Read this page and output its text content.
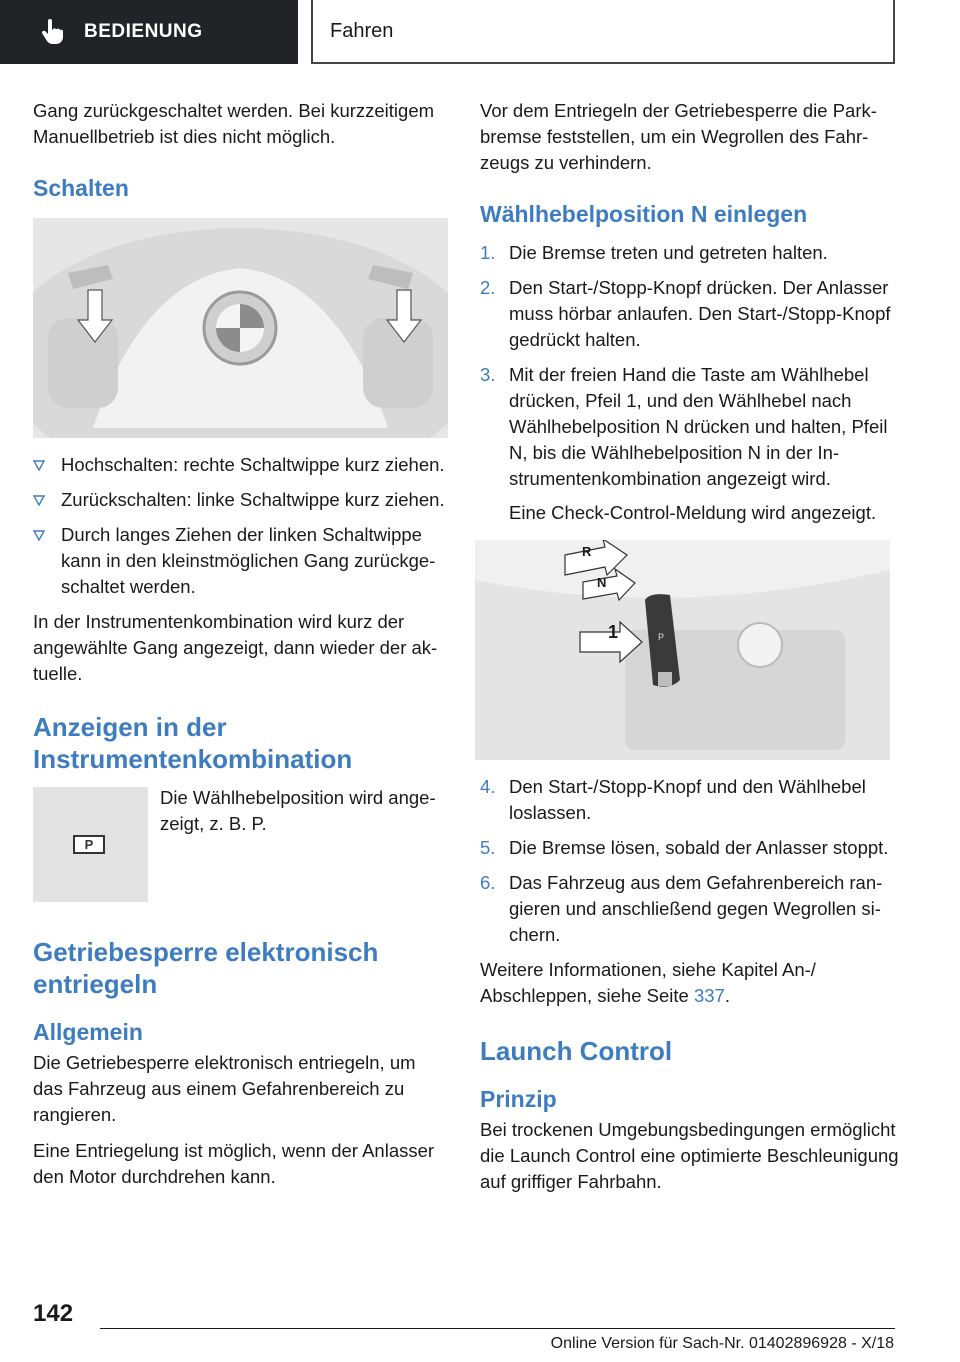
BEDIENUNG	Fahren

Gang zurückgeschaltet werden. Bei kurzzeitigem Manuellbetrieb ist dies nicht möglich.

Schalten
Hochschalten: rechte Schaltwippe kurz ziehen.
Zurückschalten: linke Schaltwippe kurz ziehen.
Durch langes Ziehen der linken Schaltwippe kann in den kleinstmöglichen Gang zurückgeschaltet werden.

In der Instrumentenkombination wird kurz der angewählte Gang angezeigt, dann wieder der aktuelle.

Anzeigen in der Instrumentenkombination
P

Die Wählhebelposition wird angezeigt, z. B. P.

Getriebesperre elektronisch entriegeln
Allgemein

Die Getriebesperre elektronisch entriegeln, um das Fahrzeug aus einem Gefahrenbereich zu rangieren.

Eine Entriegelung ist möglich, wenn der Anlasser den Motor durchdrehen kann.

Vor dem Entriegeln der Getriebesperre die Parkbremse feststellen, um ein Wegrollen des Fahrzeugs zu verhindern.

Wählhebelposition N einlegen
1. Die Bremse treten und getreten halten.
2. Den Start-/Stopp-Knopf drücken. Der Anlasser muss hörbar anlaufen. Den Start-/Stopp-Knopf gedrückt halten.
3. Mit der freien Hand die Taste am Wählhebel drücken, Pfeil 1, und den Wählhebel nach Wählhebelposition N drücken und halten, Pfeil N, bis die Wählhebelposition N in der Instrumentenkombination angezeigt wird.
Eine Check-Control-Meldung wird angezeigt.
R
N
1	P
4. Den Start-/Stopp-Knopf und den Wählhebel loslassen.
5. Die Bremse lösen, sobald der Anlasser stoppt.
6. Das Fahrzeug aus dem Gefahrenbereich rangieren und anschließend gegen Wegrollen sichern.

Weitere Informationen, siehe Kapitel An-/ Abschleppen, siehe Seite 337.

Launch Control
Prinzip

Bei trockenen Umgebungsbedingungen ermöglicht die Launch Control eine optimierte Beschleunigung auf griffiger Fahrbahn.

142
Online Version für Sach-Nr. 01402896928 - X/18
